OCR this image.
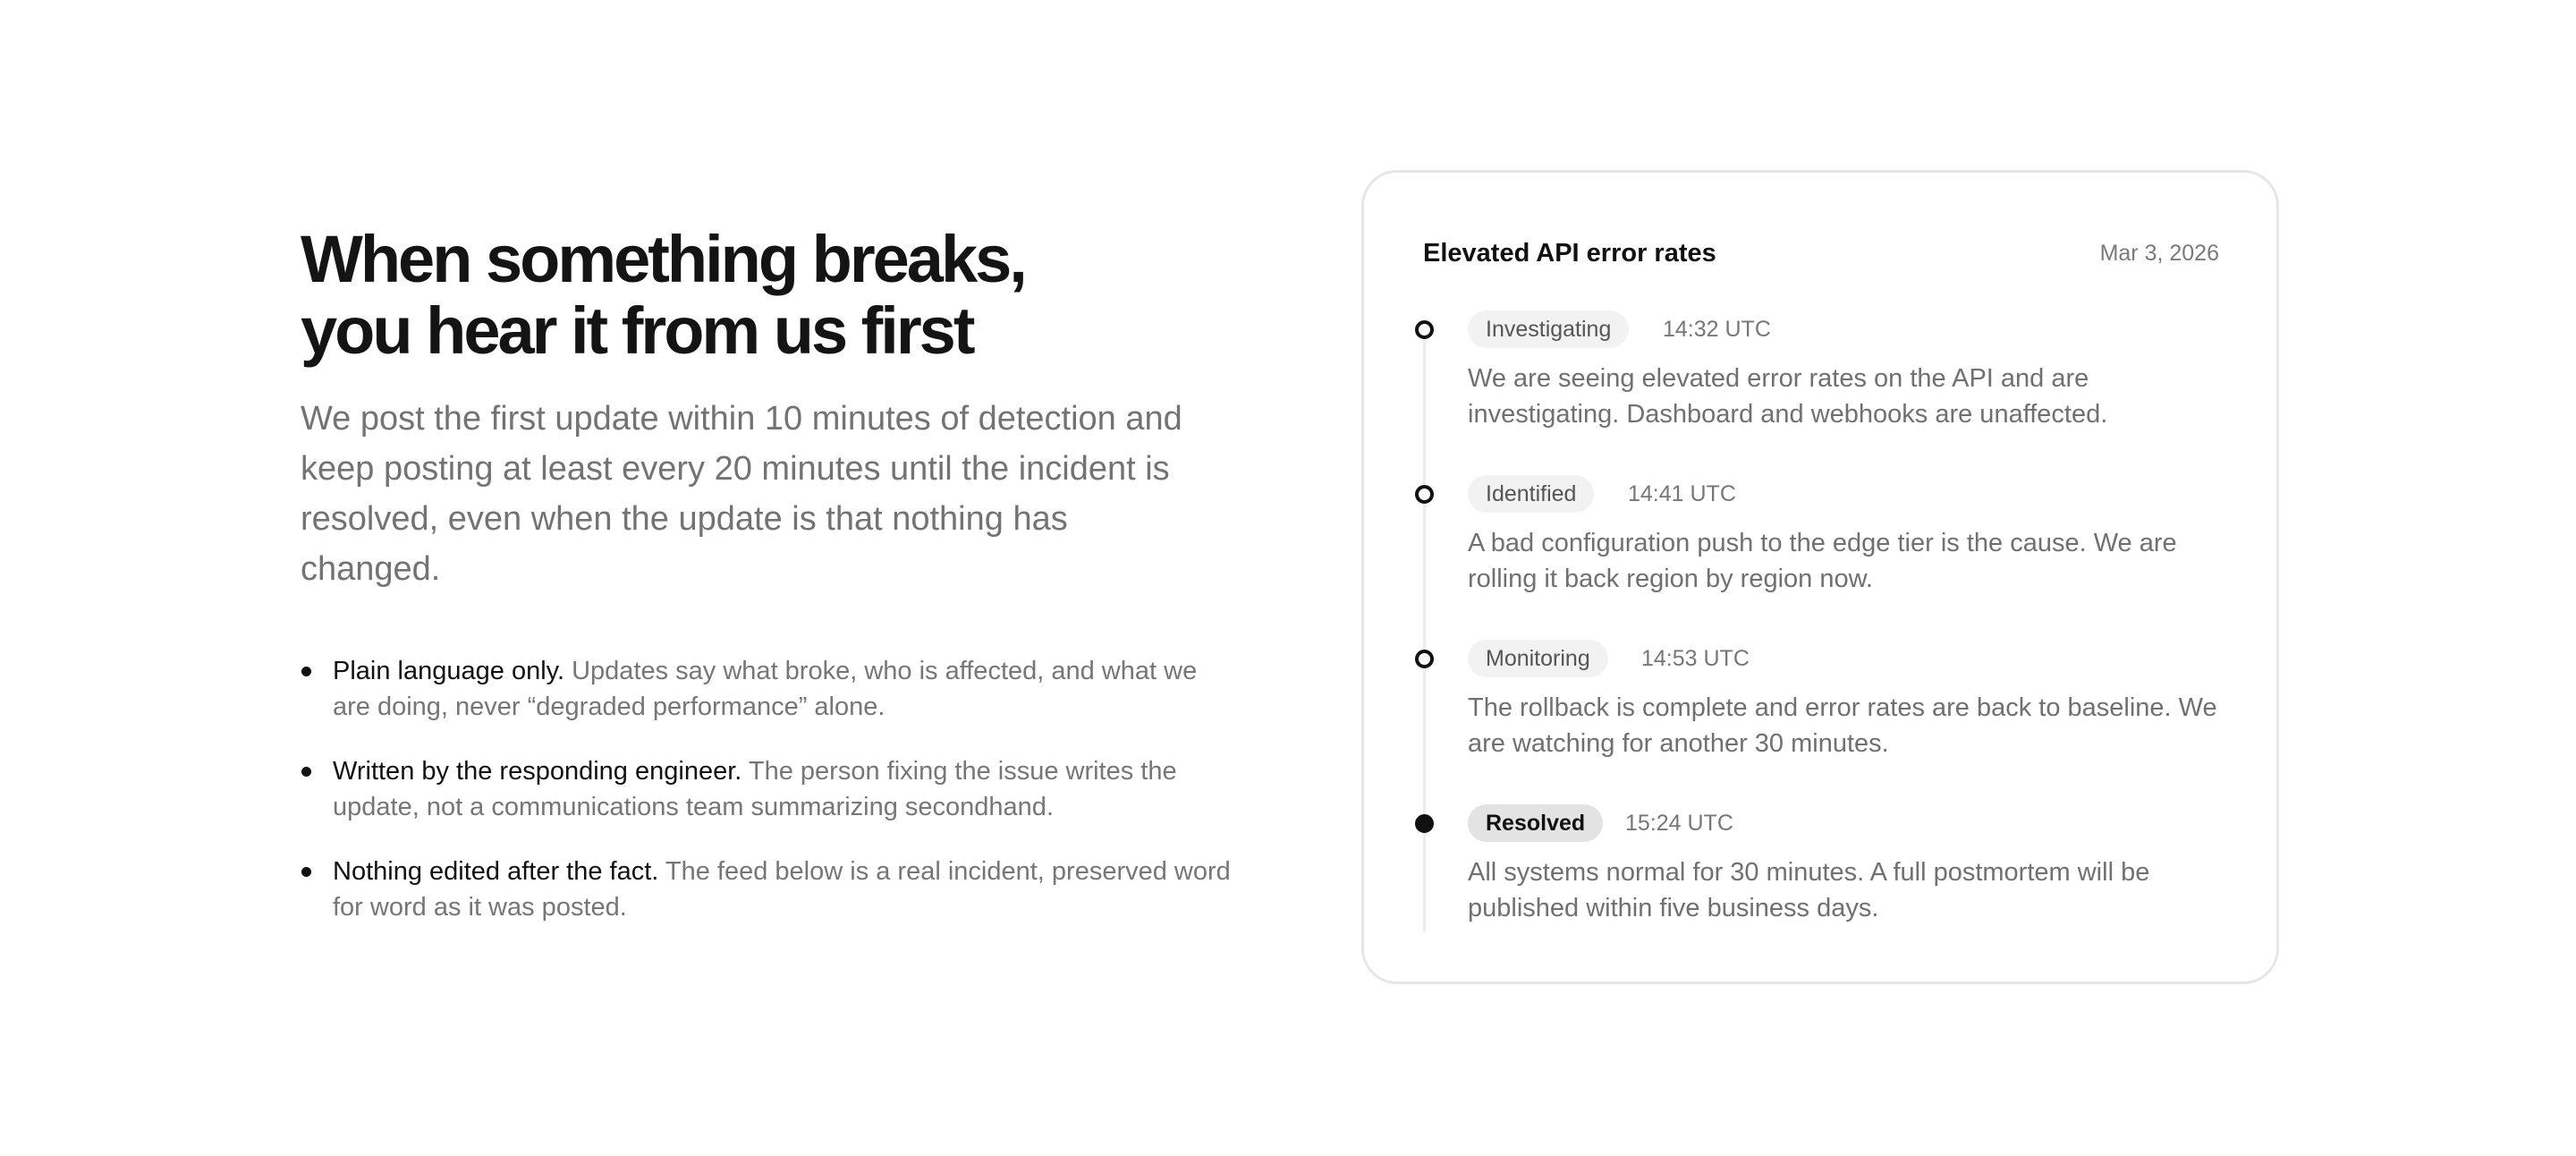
When something breaks,
you hear it from us first

We post the first update within 10 minutes of detection and keep posting at least every 20 minutes until the incident is resolved, even when the update is that nothing has changed.

Plain language only. Updates say what broke, who is affected, and what we are doing, never “degraded performance” alone.
Written by the responding engineer. The person fixing the issue writes the update, not a communications team summarizing secondhand.
Nothing edited after the fact. The feed below is a real incident, preserved word for word as it was posted.
Elevated API error rates	Mar 3, 2026
Investigating	14:32 UTC
We are seeing elevated error rates on the API and are investigating. Dashboard and webhooks are unaffected.
Identified	14:41 UTC
A bad configuration push to the edge tier is the cause. We are rolling it back region by region now.
Monitoring	14:53 UTC
The rollback is complete and error rates are back to baseline. We are watching for another 30 minutes.
Resolved	15:24 UTC
All systems normal for 30 minutes. A full postmortem will be published within five business days.
